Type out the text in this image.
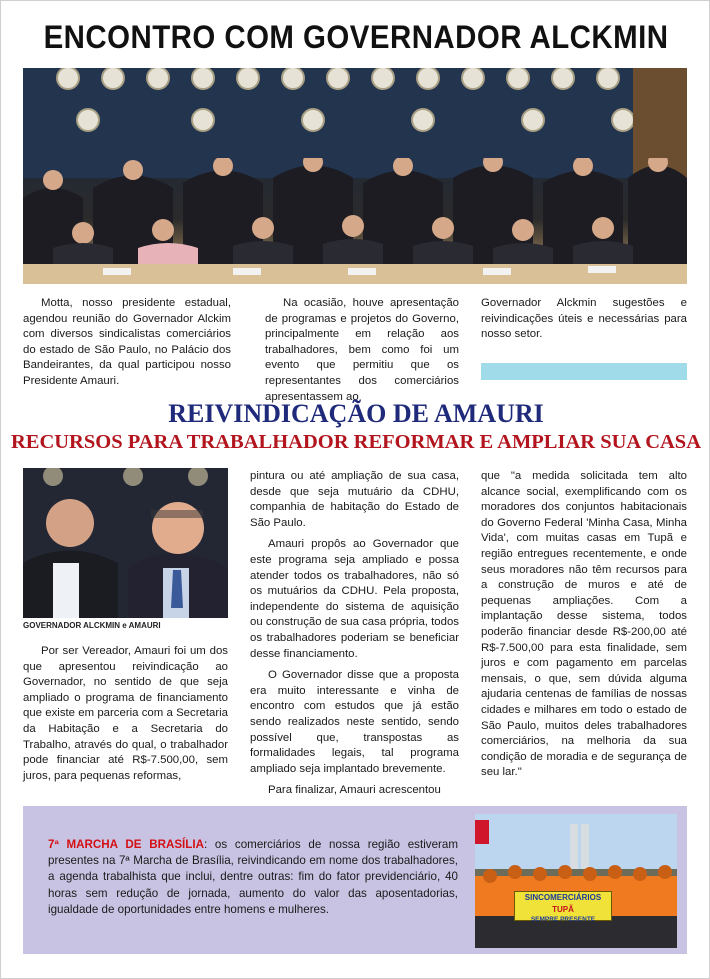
ENCONTRO COM GOVERNADOR ALCKMIN

Motta, nosso presidente estadual, agendou reunião do Governador Alckim com diversos sindicalistas comerciários do estado de São Paulo, no Palácio dos Bandeirantes, da qual participou nosso Presidente Amauri.

Na ocasião, houve apresentação de programas e projetos do Governo, principalmente em relação aos trabalhadores, bem como foi um evento que permitiu que os representantes dos comerciários apresentassem ao

Governador Alckmin sugestões e reivindicações úteis e necessárias para nosso setor.

REIVINDICAÇÃO DE AMAURI
RECURSOS PARA TRABALHADOR REFORMAR E AMPLIAR SUA CASA
GOVERNADOR ALCKMIN e AMAURI

Por ser Vereador, Amauri foi um dos que apresentou reivindicação ao Governador, no sentido de que seja ampliado o programa de financiamento que existe em parceria com a Secretaria da Habitação e a Secretaria do Trabalho, através do qual, o trabalhador pode financiar até R$-7.500,00, sem juros, para pequenas reformas,

pintura ou até ampliação de sua casa, desde que seja mutuário da CDHU, companhia de habitação do Estado de São Paulo.

Amauri propôs ao Governador que este programa seja ampliado e possa atender todos os trabalhadores, não só os mutuários da CDHU. Pela proposta, independente do sistema de aquisição ou construção de sua casa própria, todos os trabalhadores poderiam se beneficiar desse financiamento.

O Governador disse que a proposta era muito interessante e vinha de encontro com estudos que já estão sendo realizados neste sentido, sendo possível que, transpostas as formalidades legais, tal programa ampliado seja implantado brevemente.

Para finalizar, Amauri acrescentou

que "a medida solicitada tem alto alcance social, exemplificando com os moradores dos conjuntos habitacionais do Governo Federal 'Minha Casa, Minha Vida', com muitas casas em Tupã e região entregues recentemente, e onde seus moradores não têm recursos para a construção de muros e até de pequenas ampliações. Com a implantação desse sistema, todos poderão financiar desde R$-200,00 até R$-7.500,00 para esta finalidade, sem juros e com pagamento em parcelas mensais, o que, sem dúvida alguma ajudaria centenas de famílias de nossas cidades e milhares em todo o estado de São Paulo, muitos deles trabalhadores comerciários, na melhoria da sua condição de moradia e de segurança de seu lar."

7ª MARCHA DE BRASÍLIA: os comerciários de nossa região estiveram presentes na 7ª Marcha de Brasília, reivindicando em nome dos trabalhadores, a agenda trabalhista que inclui, dentre outras: fim do fator previdenciário, 40 horas sem redução de jornada, aumento do valor das aposentadorias, igualdade de oportunidades entre homens e mulheres.
SINCOMERCIÁRIOS
TUPÃ
SEMPRE PRESENTE
